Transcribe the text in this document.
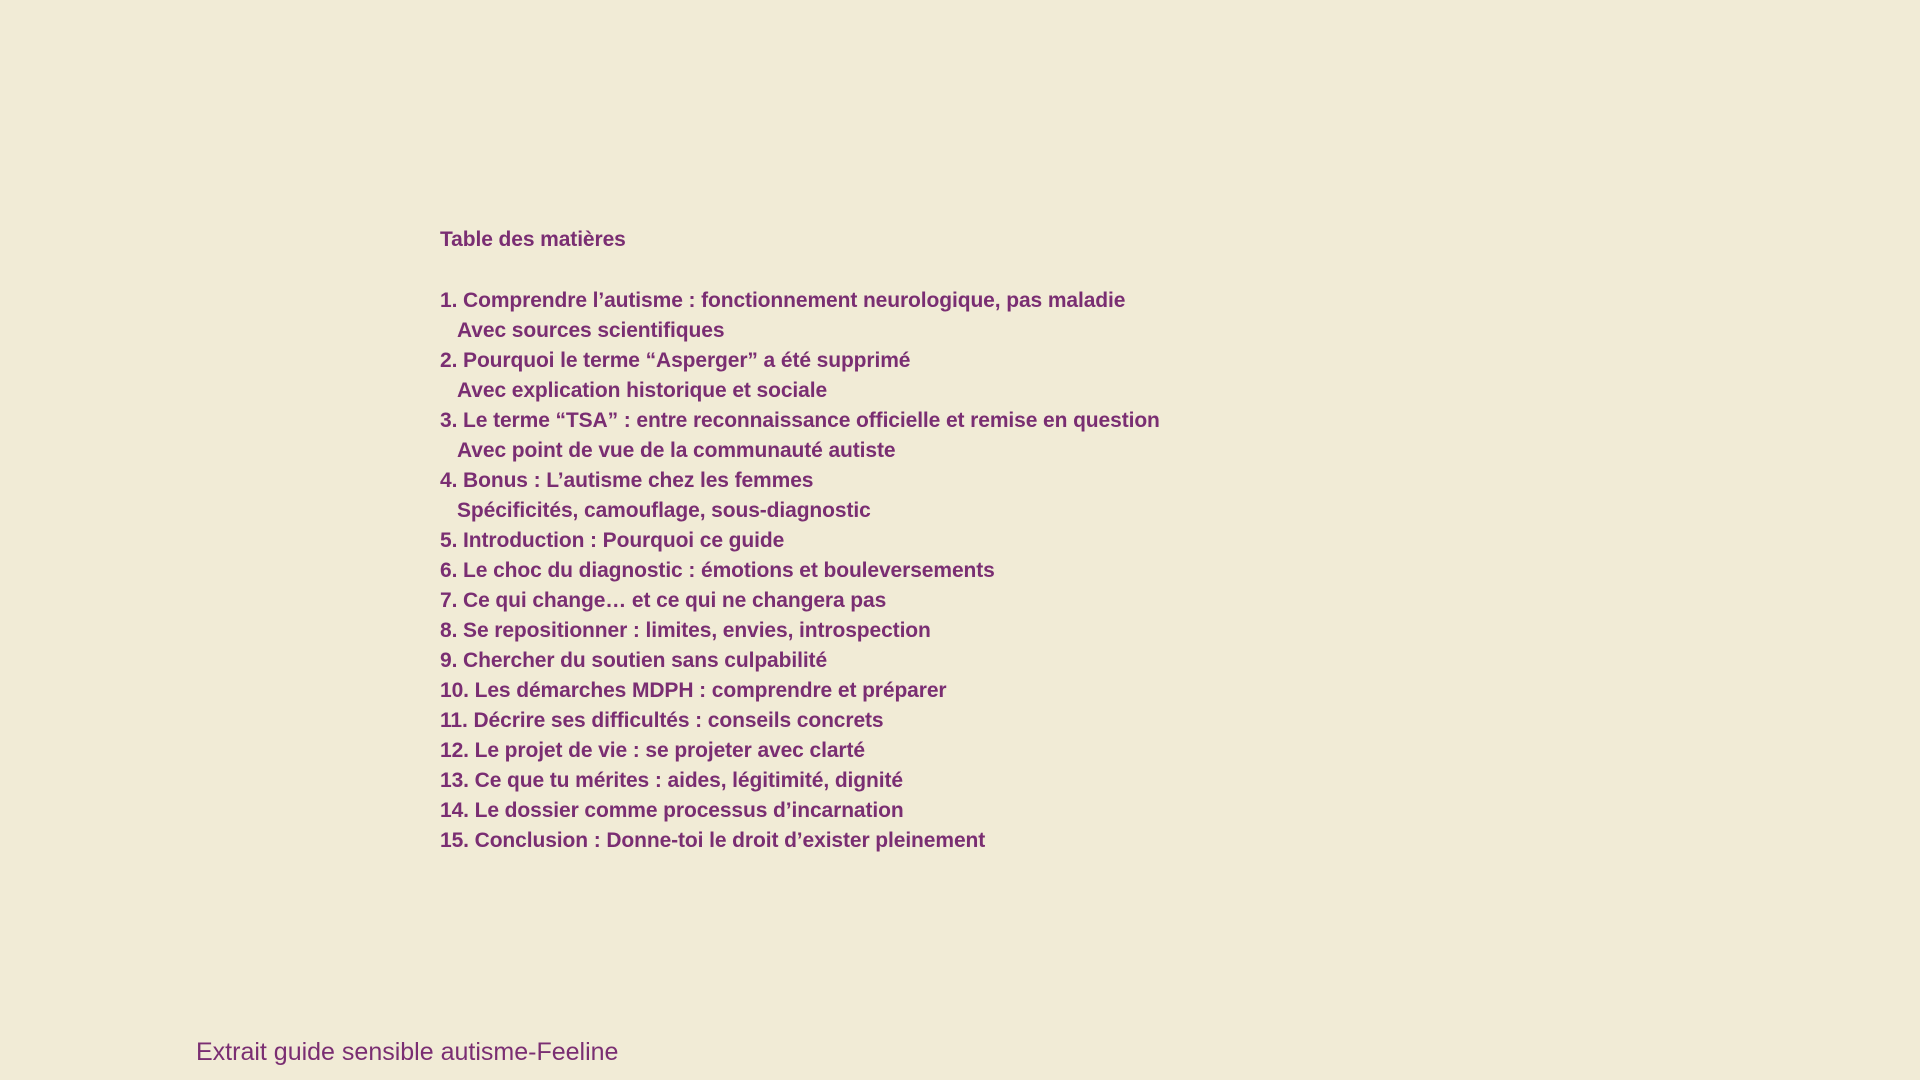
Table des matières
1. Comprendre l’autisme : fonctionnement neurologique, pas maladie
Avec sources scientifiques
2. Pourquoi le terme “Asperger” a été supprimé
Avec explication historique et sociale
3. Le terme “TSA” : entre reconnaissance officielle et remise en question
Avec point de vue de la communauté autiste
4. Bonus : L’autisme chez les femmes
Spécificités, camouflage, sous-diagnostic
5. Introduction : Pourquoi ce guide
6. Le choc du diagnostic : émotions et bouleversements
7. Ce qui change… et ce qui ne changera pas
8. Se repositionner : limites, envies, introspection
9. Chercher du soutien sans culpabilité
10. Les démarches MDPH : comprendre et préparer
11. Décrire ses difficultés : conseils concrets
12. Le projet de vie : se projeter avec clarté
13. Ce que tu mérites : aides, légitimité, dignité
14. Le dossier comme processus d’incarnation
15. Conclusion : Donne-toi le droit d’exister pleinement
Extrait guide sensible autisme-Feeline
